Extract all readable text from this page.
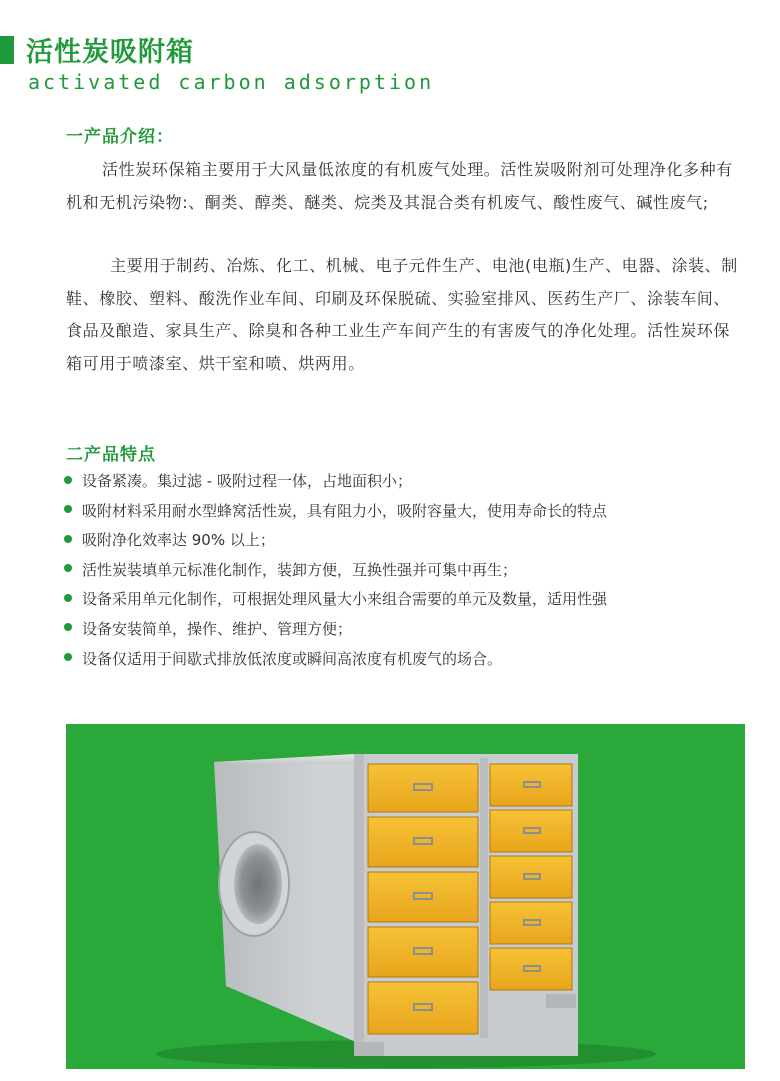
活性炭吸附箱
activated carbon adsorption
一产品介绍：
活性炭环保箱主要用于大风量低浓度的有机废气处理。活性炭吸附剂可处理净化多种有机和无机污染物:、酮类、醇类、醚类、烷类及其混合类有机废气、酸性废气、碱性废气;
主要用于制药、冶炼、化工、机械、电子元件生产、电池(电瓶)生产、电器、涂装、制鞋、橡胶、塑料、酸洗作业车间、印刷及环保脱硫、实验室排风、医药生产厂、涂装车间、食品及酿造、家具生产、除臭和各种工业生产车间产生的有害废气的净化处理。活性炭环保箱可用于喷漆室、烘干室和喷、烘两用。
二产品特点
设备紧凑。集过滤 - 吸附过程一体，占地面积小；
吸附材料采用耐水型蜂窝活性炭，具有阻力小，吸附容量大，使用寿命长的特点
吸附净化效率达 90% 以上；
活性炭装填单元标准化制作，装卸方便，互换性强并可集中再生；
设备采用单元化制作，可根据处理风量大小来组合需要的单元及数量，适用性强
设备安装简单，操作、维护、管理方便；
设备仅适用于间歇式排放低浓度或瞬间高浓度有机废气的场合。
